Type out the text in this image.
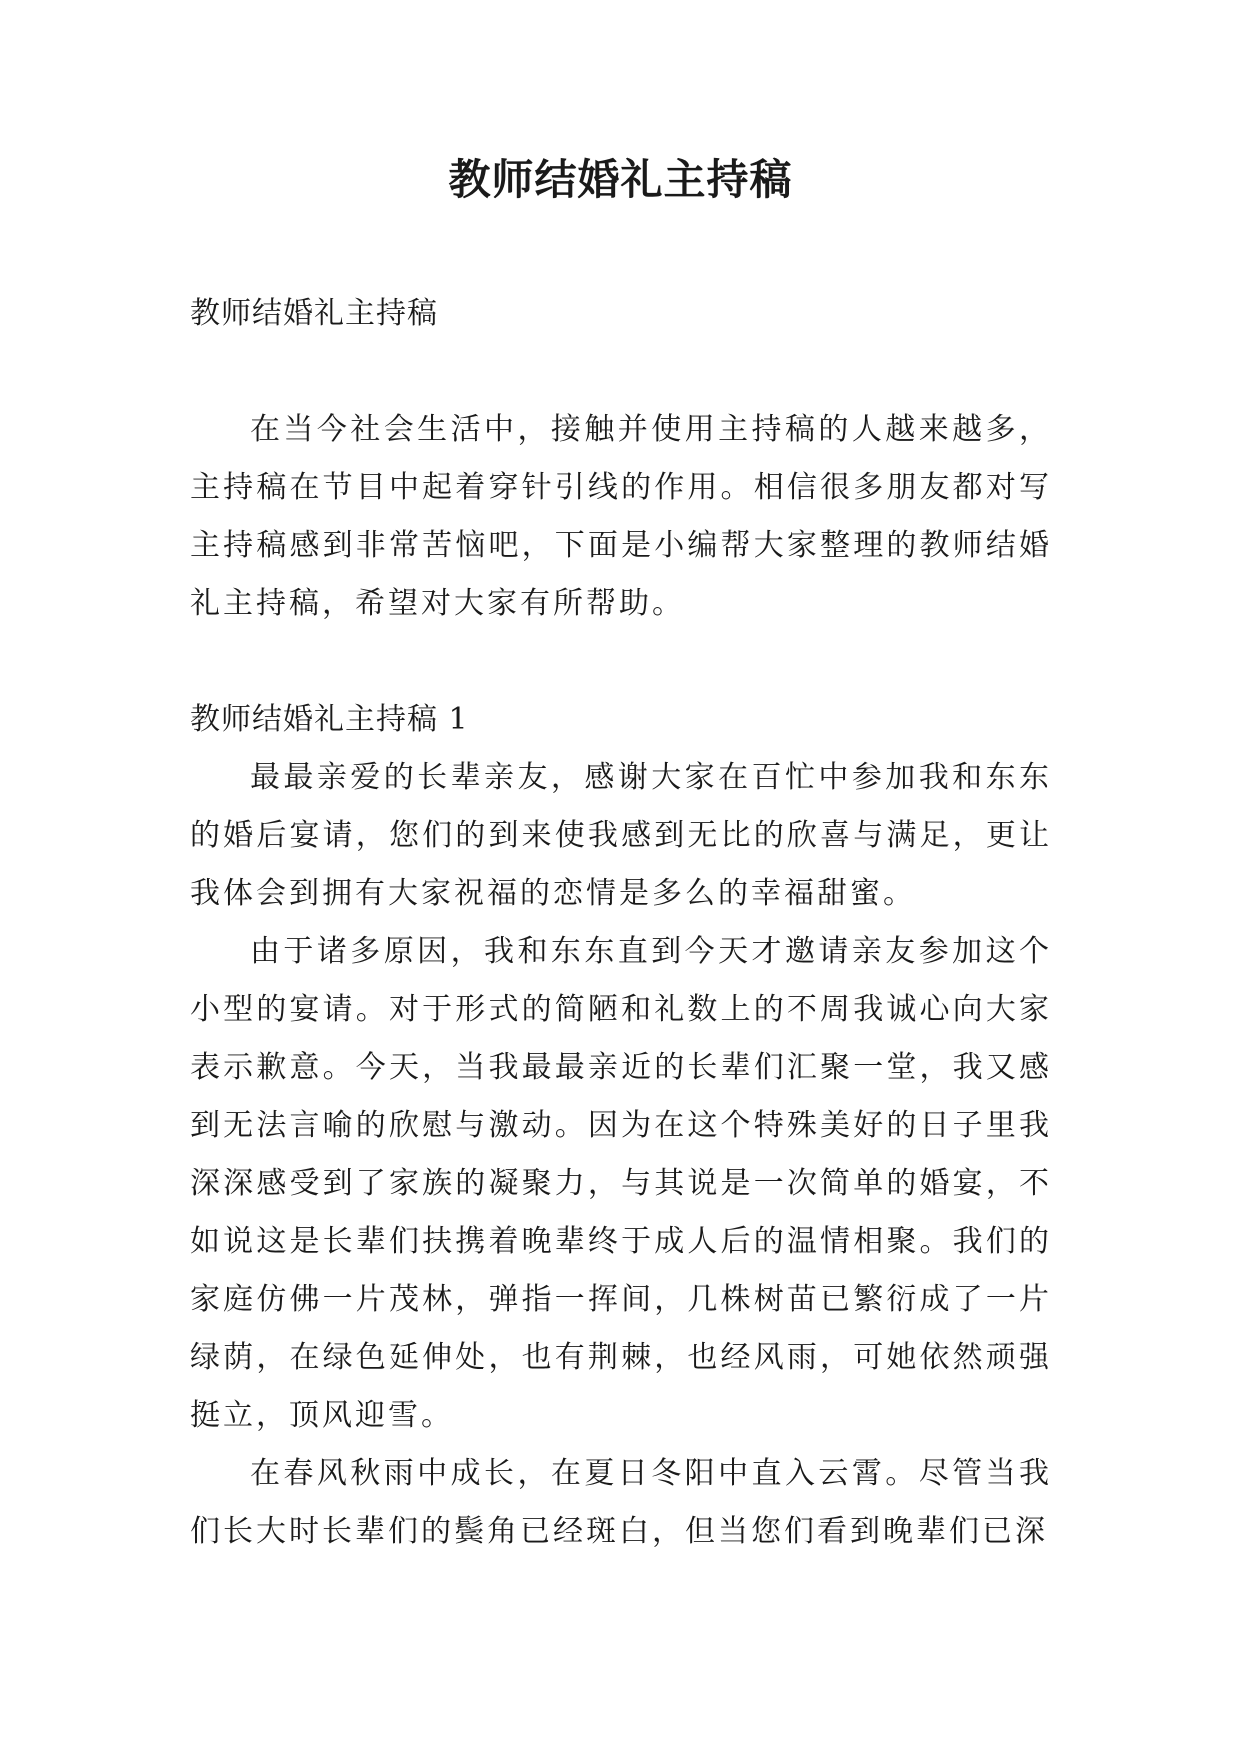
教师结婚礼主持稿

教师结婚礼主持稿

在当今社会生活中，接触并使用主持稿的人越来越多，主持稿在节目中起着穿针引线的作用。相信很多朋友都对写主持稿感到非常苦恼吧，下面是小编帮大家整理的教师结婚礼主持稿，希望对大家有所帮助。

教师结婚礼主持稿 1

最最亲爱的长辈亲友，感谢大家在百忙中参加我和东东的婚后宴请，您们的到来使我感到无比的欣喜与满足，更让我体会到拥有大家祝福的恋情是多么的幸福甜蜜。

由于诸多原因，我和东东直到今天才邀请亲友参加这个小型的宴请。对于形式的简陋和礼数上的不周我诚心向大家表示歉意。今天，当我最最亲近的长辈们汇聚一堂，我又感到无法言喻的欣慰与激动。因为在这个特殊美好的日子里我深深感受到了家族的凝聚力，与其说是一次简单的婚宴，不如说这是长辈们扶携着晚辈终于成人后的温情相聚。我们的家庭仿佛一片茂林，弹指一挥间，几株树苗已繁衍成了一片绿荫，在绿色延伸处，也有荆棘，也经风雨，可她依然顽强挺立，顶风迎雪。

在春风秋雨中成长，在夏日冬阳中直入云霄。尽管当我们长大时长辈们的鬓角已经斑白，但当您们看到晚辈们已深
